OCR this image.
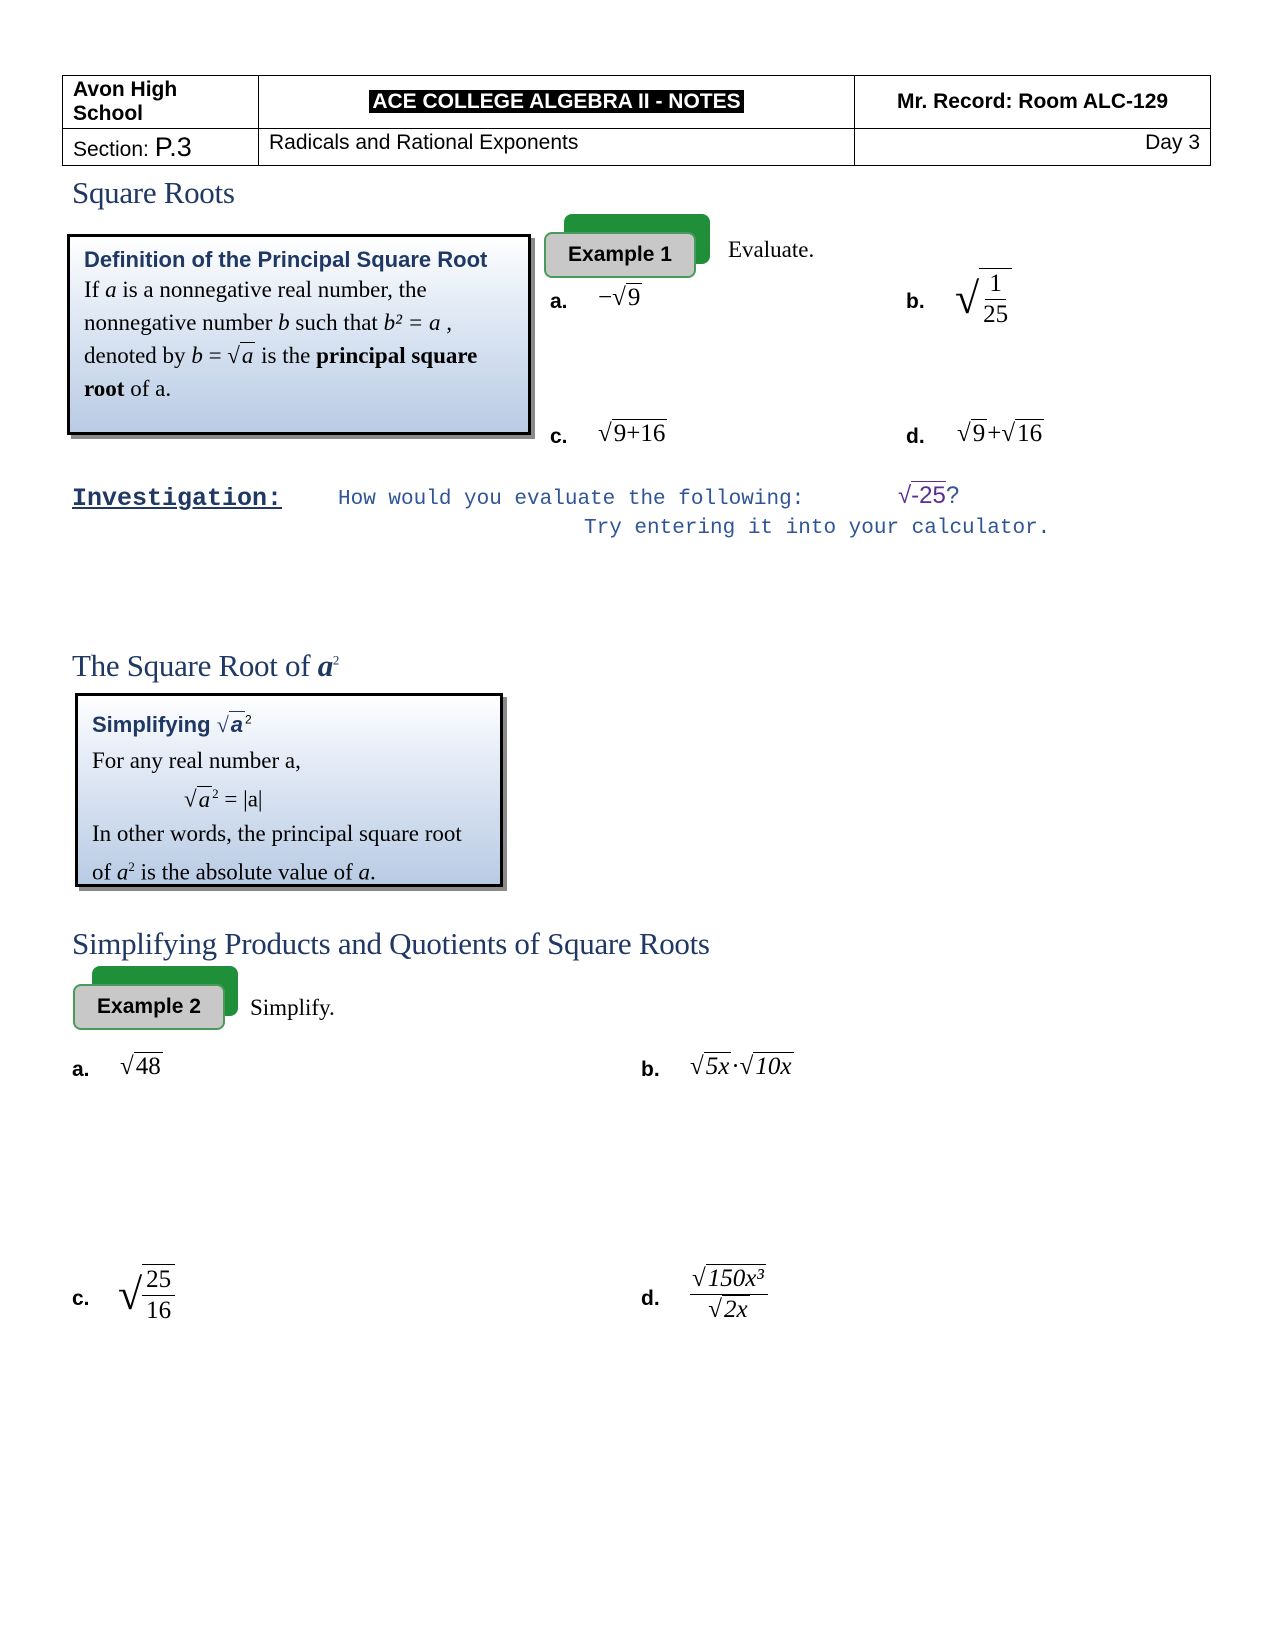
Avon High School	ACE COLLEGE ALGEBRA II - NOTES	Mr. Record: Room ALC-129
Section: P.3	Radicals and Rational Exponents	Day 3
Square Roots
Definition of the Principal Square Root
If a is a nonnegative real number, the
nonnegative number b such that b² = a ,
denoted by b = √a is the principal square
root of a.
Example 1	Evaluate.
a. −√9	b. √ $\frac{1}{25}$
c. √9+16	d. √9+√16
Investigation:	How would you evaluate the following:	√-25?
Try entering it into your calculator.
The Square Root of $a^2$
Simplifying √a $^2$
For any real number a,
√a $^2$ = |a|
In other words, the principal square root
of $a^2$ is the absolute value of a.
Simplifying Products and Quotients of Square Roots
Example 2	Simplify.
a. √48	b. √5x·√10x
c. √ $\frac{25}{16}$	d. $\frac{\text{√150x³}}{√2x}$
